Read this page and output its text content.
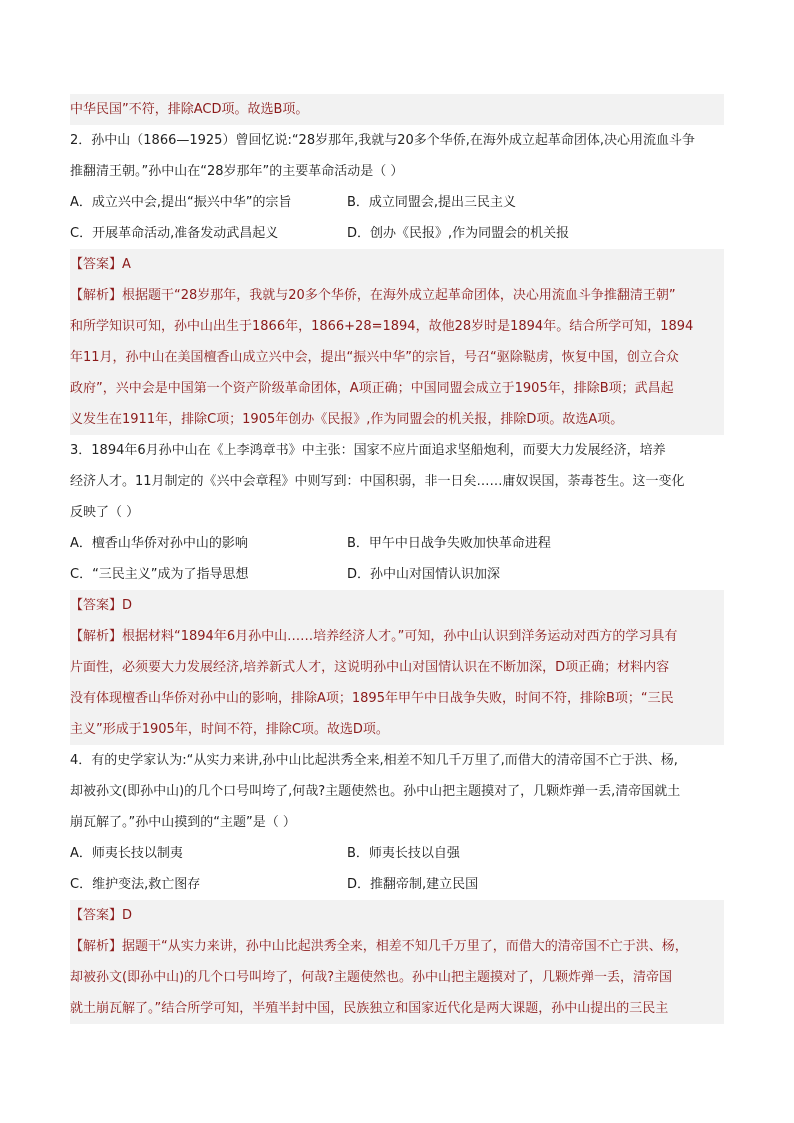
中华民国”不符，排除ACD项。故选B项。
2．孙中山（1866—1925）曾回忆说:“28岁那年,我就与20多个华侨,在海外成立起革命团体,决心用流血斗争
推翻清王朝。”孙中山在“28岁那年”的主要革命活动是（ ）
A．成立兴中会,提出“振兴中华”的宗旨	B．成立同盟会,提出三民主义
C．开展革命活动,准备发动武昌起义	D．创办《民报》,作为同盟会的机关报
【答案】A
【解析】根据题干“28岁那年，我就与20多个华侨，在海外成立起革命团体，决心用流血斗争推翻清王朝”
和所学知识可知，孙中山出生于1866年，1866+28=1894，故他28岁时是1894年。结合所学可知，1894
年11月，孙中山在美国檀香山成立兴中会，提出“振兴中华”的宗旨，号召“驱除鞑虏，恢复中国，创立合众
政府”，兴中会是中国第一个资产阶级革命团体，A项正确；中国同盟会成立于1905年，排除B项；武昌起
义发生在1911年，排除C项；1905年创办《民报》,作为同盟会的机关报，排除D项。故选A项。
3．1894年6月孙中山在《上李鸿章书》中主张：国家不应片面追求坚船炮利，而要大力发展经济，培养
经济人才。11月制定的《兴中会章程》中则写到：中国积弱，非一日矣……庸奴误国，荼毒苍生。这一变化
反映了（ ）
A．檀香山华侨对孙中山的影响	B．甲午中日战争失败加快革命进程
C．“三民主义”成为了指导思想	D．孙中山对国情认识加深
【答案】D
【解析】根据材料“1894年6月孙中山……培养经济人才。”可知，孙中山认识到洋务运动对西方的学习具有
片面性，必须要大力发展经济,培养新式人才，这说明孙中山对国情认识在不断加深，D项正确；材料内容
没有体现檀香山华侨对孙中山的影响，排除A项；1895年甲午中日战争失败，时间不符，排除B项；“三民
主义”形成于1905年，时间不符，排除C项。故选D项。
4．有的史学家认为:“从实力来讲,孙中山比起洪秀全来,相差不知几千万里了,而借大的清帝国不亡于洪、杨,
却被孙文(即孙中山)的几个口号叫垮了,何哉?主题使然也。孙中山把主题摸对了，几颗炸弹一丢,清帝国就土
崩瓦解了。”孙中山摸到的“主题”是（ ）
A．师夷长技以制夷	B．师夷长技以自强
C．维护变法,救亡图存	D．推翻帝制,建立民国
【答案】D
【解析】据题干“从实力来讲，孙中山比起洪秀全来，相差不知几千万里了，而借大的清帝国不亡于洪、杨，
却被孙文(即孙中山)的几个口号叫垮了，何哉?主题使然也。孙中山把主题摸对了，几颗炸弹一丢，清帝国
就土崩瓦解了。”结合所学可知，半殖半封中国，民族独立和国家近代化是两大课题，孙中山提出的三民主
